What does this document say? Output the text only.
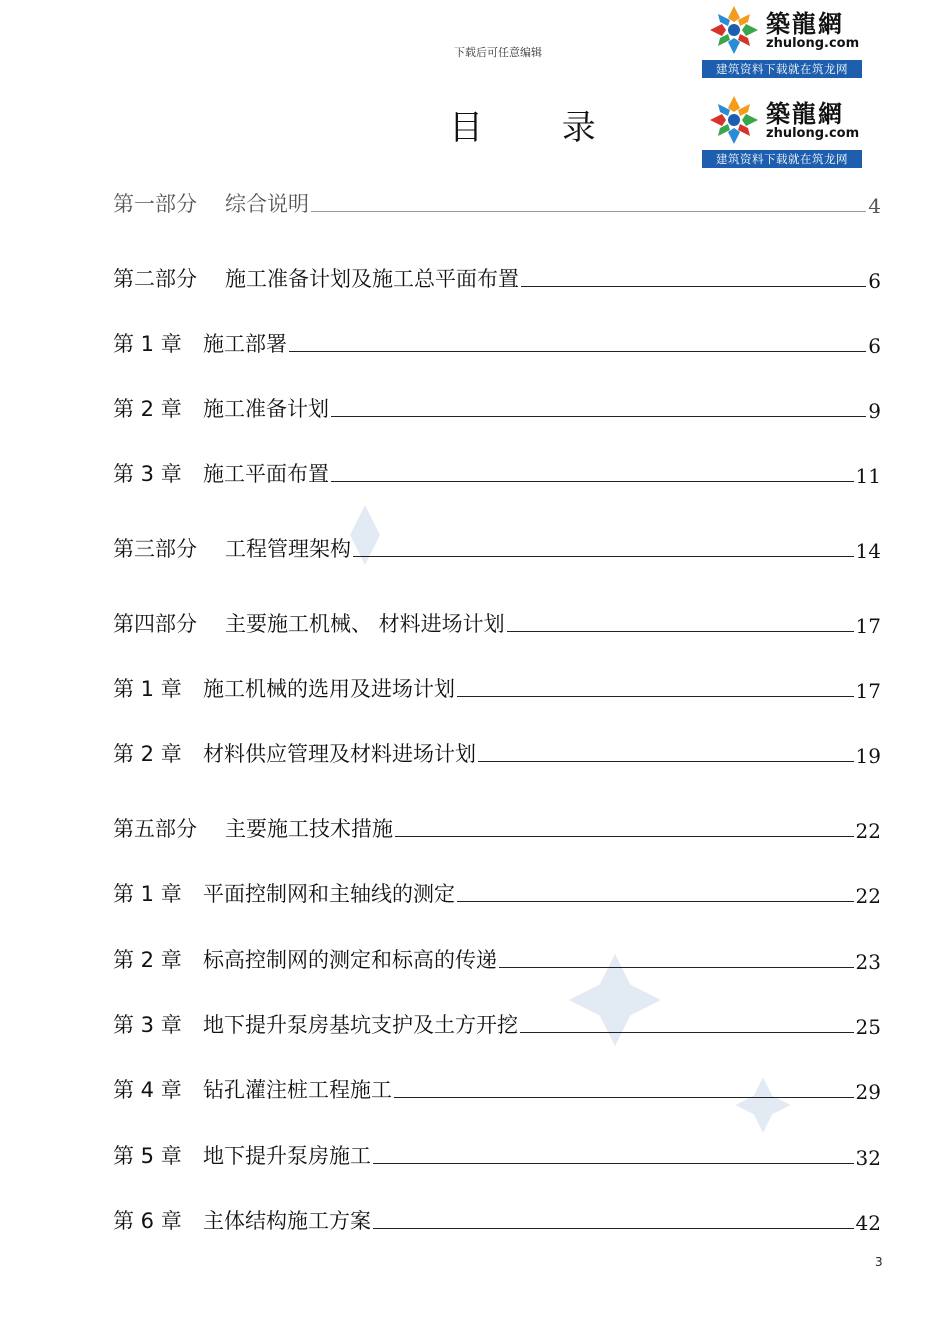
下载后可任意编辑
築龍網
zhulong.com
建筑资料下载就在筑龙网
築龍網
zhulong.com
建筑资料下载就在筑龙网
目 录
第一部分	综合说明	4
第二部分	施工准备计划及施工总平面布置	6
第 1 章	施工部署	6
第 2 章	施工准备计划	9
第 3 章	施工平面布置	11
第三部分	工程管理架构	14
第四部分	主要施工机械、 材料进场计划	17
第 1 章	施工机械的选用及进场计划	17
第 2 章	材料供应管理及材料进场计划	19
第五部分	主要施工技术措施	22
第 1 章	平面控制网和主轴线的测定	22
第 2 章	标高控制网的测定和标高的传递	23
第 3 章	地下提升泵房基坑支护及土方开挖	25
第 4 章	钻孔灌注桩工程施工	29
第 5 章	地下提升泵房施工	32
第 6 章	主体结构施工方案	42
3
